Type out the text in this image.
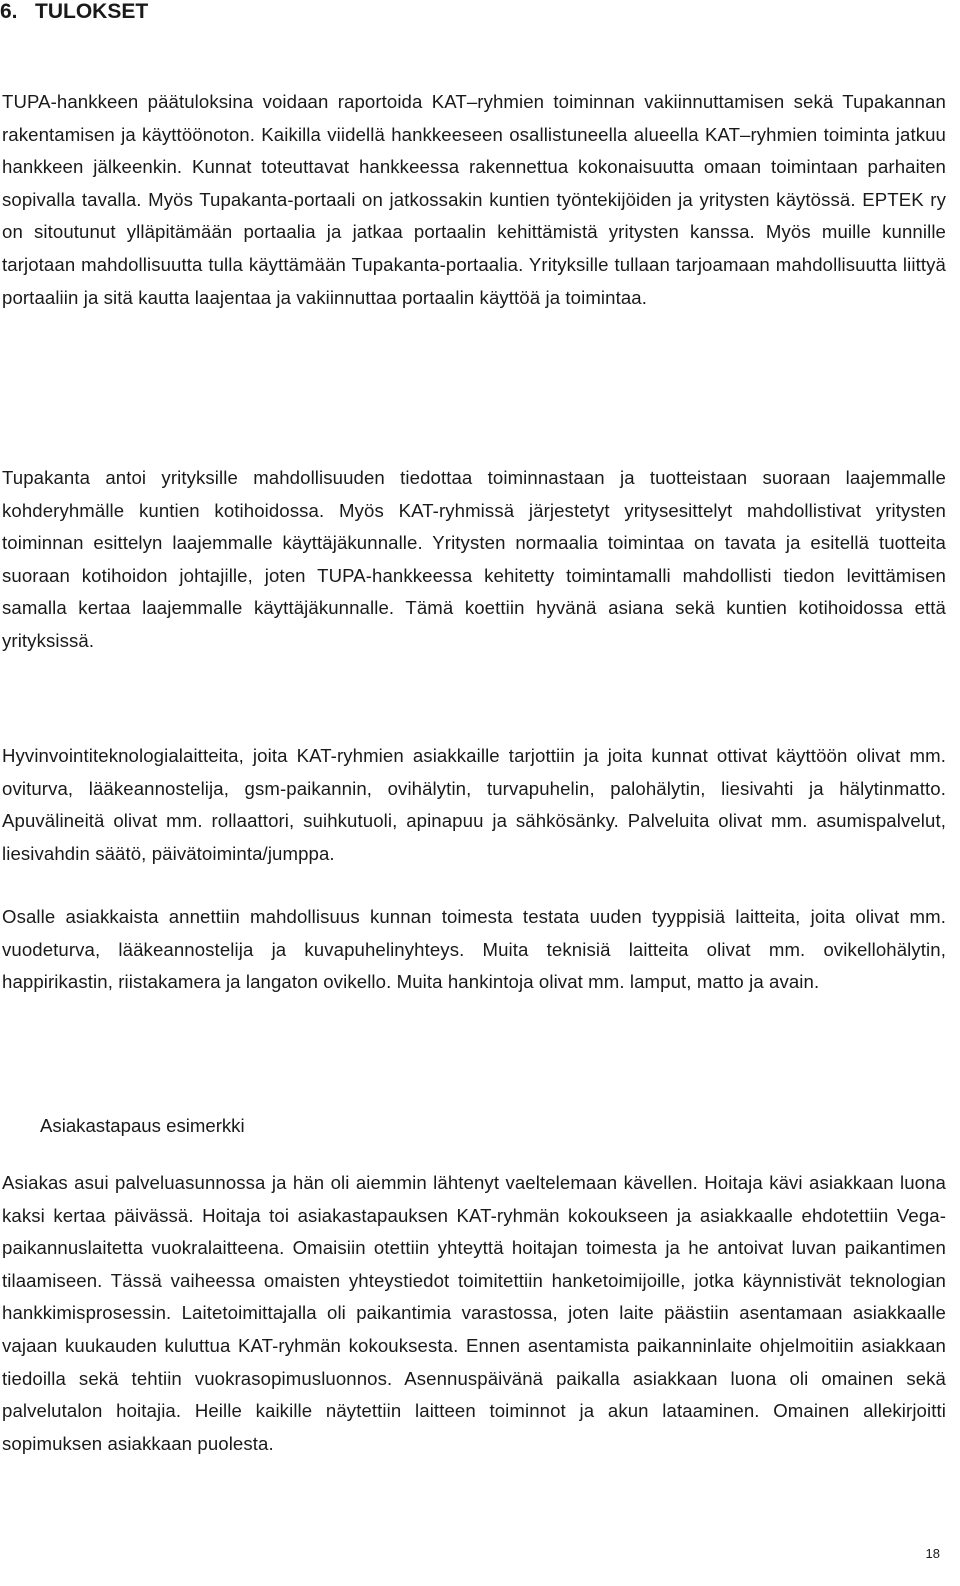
6.   TULOKSET

TUPA-hankkeen päätuloksina voidaan raportoida KAT–ryhmien toiminnan vakiinnuttamisen sekä Tupakannan rakentamisen ja käyttöönoton. Kaikilla viidellä hankkeeseen osallistuneella alueella KAT–ryhmien toiminta jatkuu hankkeen jälkeenkin. Kunnat toteuttavat hankkeessa rakennettua kokonaisuutta omaan toimintaan parhaiten sopivalla tavalla. Myös Tupakanta-portaali on jatkossakin kuntien työntekijöiden ja yritysten käytössä. EPTEK ry on sitoutunut ylläpitämään portaalia ja jatkaa portaalin kehittämistä yritysten kanssa. Myös muille kunnille tarjotaan mahdollisuutta tulla käyttämään Tupakanta-portaalia. Yrityksille tullaan tarjoamaan mahdollisuutta liittyä portaaliin ja sitä kautta laajentaa ja vakiinnuttaa portaalin käyttöä ja toimintaa.

Tupakanta antoi yrityksille mahdollisuuden tiedottaa toiminnastaan ja tuotteistaan suoraan laajemmalle kohderyhmälle kuntien kotihoidossa. Myös KAT-ryhmissä järjestetyt yritysesittelyt mahdollistivat yritysten toiminnan esittelyn laajemmalle käyttäjäkunnalle. Yritysten normaalia toimintaa on tavata ja esitellä tuotteita suoraan kotihoidon johtajille, joten TUPA-hankkeessa kehitetty toimintamalli mahdollisti tiedon levittämisen samalla kertaa laajemmalle käyttäjäkunnalle. Tämä koettiin hyvänä asiana sekä kuntien kotihoidossa että yrityksissä.

Hyvinvointiteknologialaitteita, joita KAT-ryhmien asiakkaille tarjottiin ja joita kunnat ottivat käyttöön olivat mm. oviturva, lääkeannostelija, gsm-paikannin, ovihälytin, turvapuhelin, palohälytin, liesivahti ja hälytinmatto. Apuvälineitä olivat mm. rollaattori, suihkutuoli, apinapuu ja sähkösänky. Palveluita olivat mm. asumispalvelut, liesivahdin säätö, päivätoiminta/jumppa.

Osalle asiakkaista annettiin mahdollisuus kunnan toimesta testata uuden tyyppisiä laitteita, joita olivat mm. vuodeturva, lääkeannostelija ja kuvapuhelinyhteys. Muita teknisiä laitteita olivat mm. ovikellohälytin, happirikastin, riistakamera ja langaton ovikello. Muita hankintoja olivat mm. lamput, matto ja avain.

Asiakastapaus esimerkki

Asiakas asui palveluasunnossa ja hän oli aiemmin lähtenyt vaeltelemaan kävellen. Hoitaja kävi asiakkaan luona kaksi kertaa päivässä. Hoitaja toi asiakastapauksen KAT-ryhmän kokoukseen ja asiakkaalle ehdotettiin Vega-paikannuslaitetta vuokralaitteena. Omaisiin otettiin yhteyttä hoitajan toimesta ja he antoivat luvan paikantimen tilaamiseen. Tässä vaiheessa omaisten yhteystiedot toimitettiin hanketoimijoille, jotka käynnistivät teknologian hankkimisprosessin. Laitetoimittajalla oli paikantimia varastossa, joten laite päästiin asentamaan asiakkaalle vajaan kuukauden kuluttua KAT-ryhmän kokouksesta. Ennen asentamista paikanninlaite ohjelmoitiin asiakkaan tiedoilla sekä tehtiin vuokrasopimusluonnos. Asennuspäivänä paikalla asiakkaan luona oli omainen sekä palvelutalon hoitajia. Heille kaikille näytettiin laitteen toiminnot ja akun lataaminen. Omainen allekirjoitti sopimuksen asiakkaan puolesta.

18
